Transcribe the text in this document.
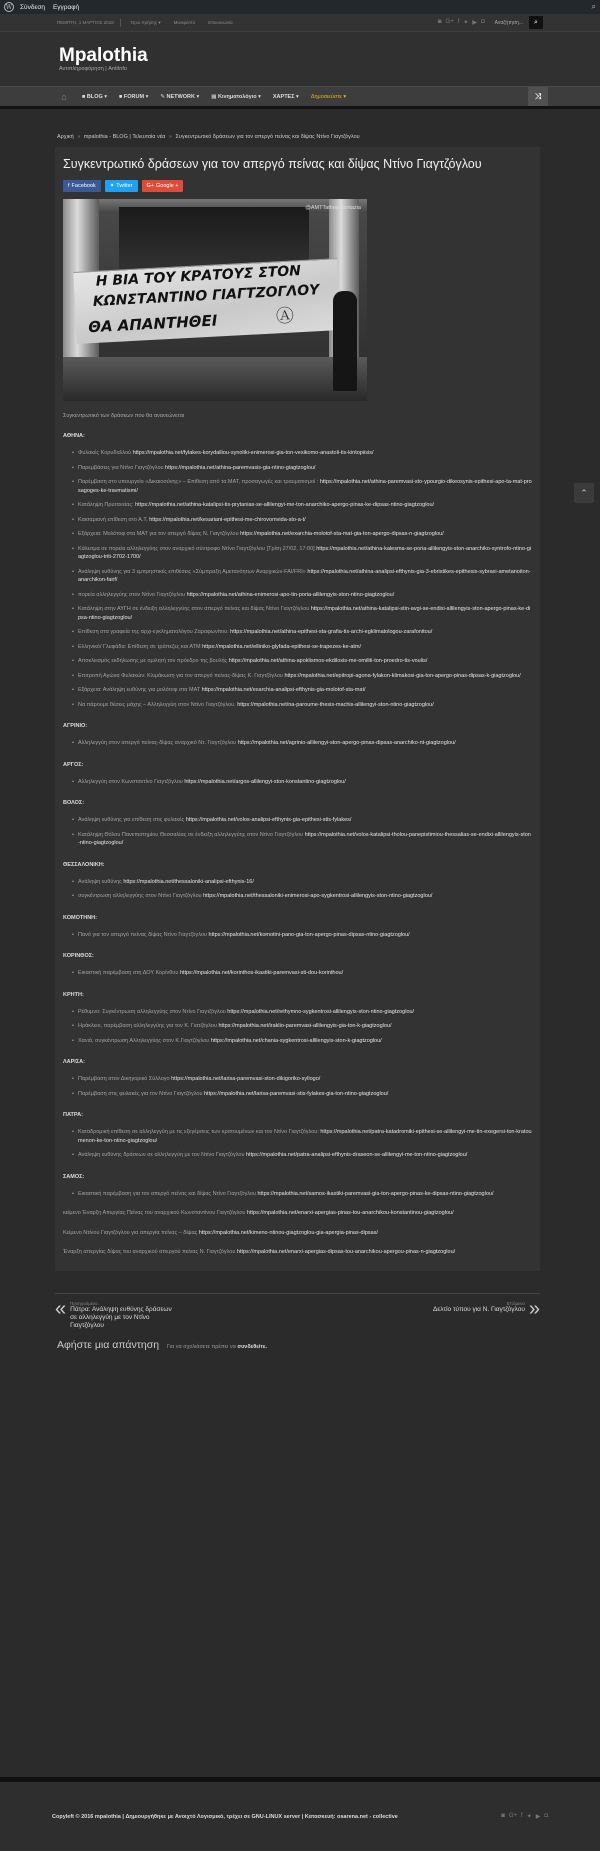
W Σύνδεση Εγγραφή	⌕
ΠΕΜΠΤΗ, 1 ΜΑΡΤΙΟΣ 2018	Όροι Χρήσης ▾	Μανιφέστο	Επικοινωνία	◙ G+ f ✦ ▶ ◘ Αναζήτηση...	⌕
Mpalothia
Αντιπληροφόρηση | AntiInfo
⌂	■ BLOG ▾	■ FORUM ▾	✎ NETWORK ▾	▦ Κινηματολόγιο ▾	ΧΑΡΤΕΣ ▾	Δημοσιεύστε ▾	⤨
Αρχική » mpalothia - BLOG | Τελευταία νέα » Συγκεντρωτικό δράσεων για τον απεργό πείνας και δίψας Ντίνο Γιαγτζόγλου
Συγκεντρωτικό δράσεων για τον απεργό πείνας και δίψας Ντίνο Γιαγτζόγλου
f Facebook	✦ Twitter	G+ Google +
Η ΒΙΑ ΤΟΥ ΚΡΑΤΟΥΣ ΣΤΟΝ
ΚΩΝΣΤΑΝΤΙΝΟ ΓΙΑΓΤΖΟΓΛΟΥ
ΘΑ ΑΠΑΝΤΗΘΕΙ	Ⓐ
@AMTTathnosfantazia

Συγκεντρωτικό των δράσεων που θα ανανεώνεται

ΑΘΗΝΑ:
• Φυλακές Κορυδαλλού https://mpalothia.net/fylakes-korydalliou-synoliki-enimerosi-gia-ton-vesikomo-anastoli-tis-kintopiisis/
• Παρεμβάσεις για Ντίνο Γιαγτζόγλου https://mpalothia.net/athina-paremvasis-gia-ntino-giagtzoglou/
• Παρέμβαση στο υπουργείο «Δικαιοσύνης» – Επίθεση από τα ΜΑΤ, προσαγωγές και τραυματισμοί : https://mpalothia.net/athina-paremvasi-sto-ypourgio-dikeosynis-epithesi-apo-ta-mat-prosagoges-ke-travmatismi/
• Κατάληψη Πρυτανείας: https://mpalothia.net/athina-katalipsi-tis-prytanias-se-allilengyi-me-ton-anarchiko-apergo-pinas-ke-dipsas-ntino-giagtzoglou/
• Καισαριανή επίθεση στο Α.Τ. https://mpalothia.net/kesariani-epithesi-me-chirovomvida-sto-a-t/
• Εξάρχεια: Μολότοφ στα ΜΑΤ για τον απεργό δίψας Ν. Γιαγτζόγλου https://mpalothia.net/exarchia-molotof-sta-mat-gia-ton-apergo-dipsas-n-giagtzoglou/
• Κάλεσμα σε πορεία αλληλεγγύης στον αναρχικό σύντροφο Ντίνο Γιαγτζόγλου [Τρίτη 27/02, 17:00] https://mpalothia.net/athina-kalesma-se-poria-allilengyis-ston-anarchiko-syntrofo-ntino-giagtzoglou-triti-2702-1700/
• Ανάληψη ευθύνης για 3 εμπρηστικές επιθέσεις «Σύμπραξη Αμετανόητων Αναρχικών-FAI/FRI» https://mpalothia.net/athina-analipsi-efthynis-gia-3-ebristikes-epithesis-sybraxi-ametanoiton-anarchikon-fairf/
• πορεία αλληλεγγύης στον Ντίνο Γιαγτζόγλου https://mpalothia.net/athina-enimerosi-apo-tin-poria-allilengyis-ston-ntino-giagtzoglou/
• Κατάληψη στην ΑΥΓΗ σε ένδειξη αλληλεγγύης στον απεργό πείνας και δίψας Ντίνο Γιαγτζόγλου https://mpalothia.net/athina-katalipsi-stin-avgi-se-endixi-allilengyis-ston-apergo-pinas-ke-dipsa-ntino-giagtzoglou/
• Επίθεση στα γραφεία της αρχι-εγκληματολόγου Ζαραφωνίτου: https://mpalothia.net/athina-epithesi-sta-grafia-tis-archi-egklimatologou-zarafonitou/
• Ελληνικό/ Γλυφάδα: Επίθεση σε τράπεζες και ΑΤΜ https://mpalothia.net/elliniko-glyfada-epithesi-se-trapezes-ke-atm/
• Αποκλεισμός εκδήλωσης με ομιλητή τον πρόεδρο της βουλής https://mpalothia.net/athina-apoklismos-ekdilosis-me-omiliti-ton-proedro-tis-voulis/
• Επιτροπή Αγώνα Φυλακών: Κλιμάκωση για τον απεργό πείνας-δίψας Κ. Γιαγτζόγλου https://mpalothia.net/epitropi-agona-fylakon-klimakosi-gia-ton-apergo-pinas-dipsas-k-giagtzoglou/
• Εξάρχεια: Ανάληψη ευθύνης για μολότοφ στα ΜΑΤ https://mpalothia.net/exarchia-analipsi-efthynis-gia-molotof-sta-mat/
• Να πάρουμε θέσεις μάχης – Αλληλεγγύη στον Ντίνο Γιαγτζόγλου. https://mpalothia.net/na-paroume-thesis-machis-allilengyi-ston-ntino-giagtzoglou/
ΑΓΡΙΝΙΟ:
• Αλληλεγγύη στον απεργό πείνας-δίψας αναρχικό Ντ. Γιαγτζόγλου https://mpalothia.net/agrinio-allilengyi-ston-apergo-pinas-dipsas-anarchiko-nt-giagtzoglou/
ΑΡΓΟΣ:
• Αλληλεγγύη στον Κωνσταντίνο Γιαγτζόγλου https://mpalothia.net/argos-allilengyi-ston-konstantino-giagtzoglou/
ΒΟΛΟΣ:
• Ανάληψη ευθύνης για επίθεση στις φυλακές https://mpalothia.net/volos-analipsi-efthynis-gia-epithesi-stis-fylakes/
• Κατάληψη Θόλου Πανεπιστημίου Θεσσαλίας σε ένδειξη αλληλεγγύης στον Ντίνο Γιαγτζόγλου https://mpalothia.net/volos-katalipsi-tholou-panepistimiou-thessalias-se-endixi-allilengyis-ston-ntino-giagtzoglou/
ΘΕΣΣΑΛΟΝΙΚΗ:
• Ανάληψη ευθύνης https://mpalothia.net/thessaloniki-analipsi-efthynis-16/
• συγκέντρωση αλληλεγγύης στον Ντίνο Γιαγτζόγλου https://mpalothia.net/thessaloniki-enimerosi-apo-sygkentrosi-allilengyis-ston-ntino-giagtzoglou/
ΚΟΜΟΤΗΝΗ:
• Πανό για τον απεργό πείνας δίψας Ντίνο Γιαγτζόγλου https://mpalothia.net/komotini-pano-gia-ton-apergo-pinas-dipsas-ntino-giagtzoglou/
ΚΟΡΙΝΘΟΣ:
• Εικαστική παρέμβαση στη ΔΟΥ Κορίνθου https://mpalothia.net/korinthos-ikastiki-paremvasi-sti-dou-korinthou/
ΚΡΗΤΗ:
• Ρέθυμνο: Συγκέντρωση αλληλεγγύης στον Ντίνο Γιαγτζόγλου https://mpalothia.net/rethymno-sygkentrosi-allilengyis-ston-ntino-giagtzoglou/
• Ηράκλειο, παρέμβαση αλληλεγγύης για τον Κ. Γιατζόγλου https://mpalothia.net/iraklio-paremvasi-allilengyis-gia-ton-k-giagtzoglou/
• Χανιά, συγκέντρωση Αλληλεγγύης στον Κ.Γιαγτζόγλου https://mpalothia.net/chania-sygkentrosi-allilengyis-ston-k-giagtzoglou/
ΛΑΡΙΣΑ:
• Παρέμβαση στον Δικηγορικό Σύλλογο https://mpalothia.net/larisa-paremvasi-ston-dikigoriko-syllogo/
• Παρέμβαση στις φυλακές για τον Ντίνο Γιαγτζόγλου https://mpalothia.net/larisa-paremvasi-stis-fylakes-gia-ton-ntino-giagtzoglou/
ΠΑΤΡΑ:
• Καταδρομική επίθεση σε αλληλεγγύη με τις εξεγέρσεις των κρατουμένων και τον Ντίνο Γιαγτζόγλου: https://mpalothia.net/patra-katadromiki-epithesi-se-allilengyi-me-tin-exegersi-ton-kratoumenon-ke-ton-ntino-giagtzoglou/
• Ανάληψη ευθύνης δράσεων σε αλληλεγγύη με τον Ντίνο Γιαγτζόγλου https://mpalothia.net/patra-analipsi-efthynis-draseon-se-allilengyi-me-ton-ntino-giagtzoglou/
ΣΑΜΟΣ:
• Εικαστική παρέμβαση για τον απεργό πείνας και δίψας Ντίνο Γιαγτζόγλου https://mpalothia.net/samos-ikastiki-paremvasi-gia-ton-apergo-pinas-ke-dipsas-ntino-giagtzoglou/

κείμενο Έναρξη Απεργίας Πείνας του αναρχικού Κωνσταντίνου Γιαγτζόγλου https://mpalothia.net/enarxi-apergias-pinas-tou-anarchikou-konstantinou-giagtzoglou/

Κείμενο Ντίνου Γιαγτζόγλου για απεργία πείνας – δίψας https://mpalothia.net/kimeno-ntinou-giagtzoglou-gia-apergia-pinas-dipsas/

Έναρξη απεργίας δίψας του αναρχικού απεργού πείνας Ν. Γιαγτζόγλου https://mpalothia.net/enarxi-apergias-dipsas-tou-anarchikou-apergou-pinas-n-giagtzoglou/

« Προηγούμενο
Πάτρα: Ανάληψη ευθύνης δράσεων σε αλληλεγγύη με τον Ντίνο Γιαγτζόγλου
Επόμενο
Δελτίο τύπου για Ν. Γιαγτζόγλου »
Αφήστε μια απάντηση Για να σχολιάσετε πρέπει να συνδεθείτε.
⌃
Copyleft © 2016 mpalothia | Δημιουργήθηκε με Ανοιχτό Λογισμικό, τρέχει σε GNU-LINUX server | Κατασκευή: osarena.net - collective	◙ G+ f ✦ ▶ ◘
